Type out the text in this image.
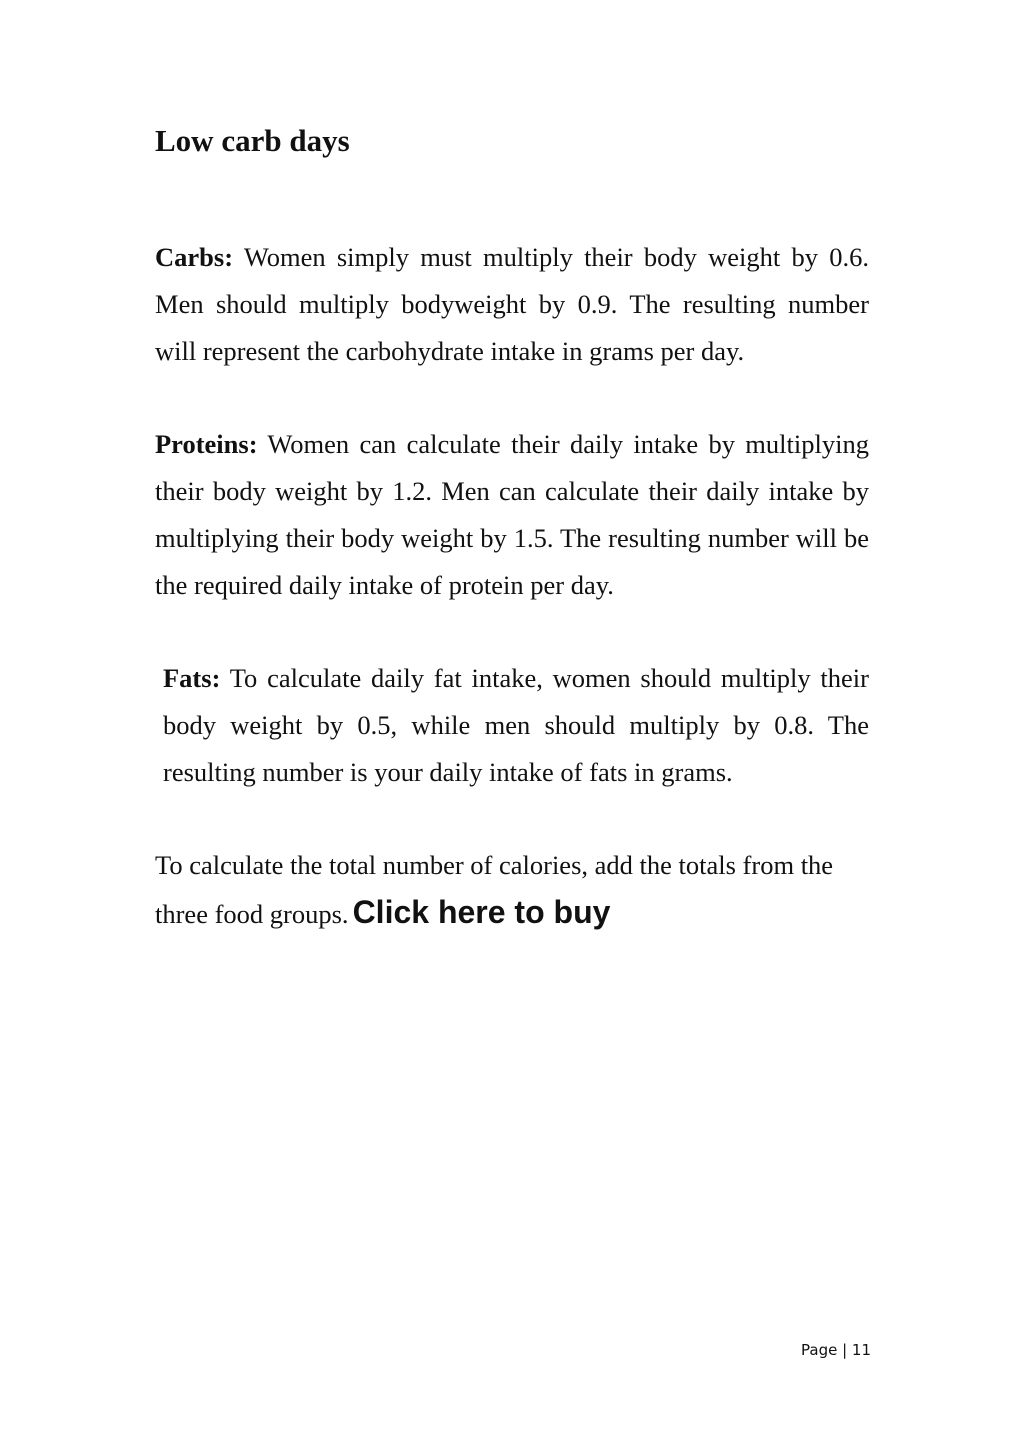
Low carb days

Carbs: Women simply must multiply their body weight by 0.6. Men should multiply bodyweight by 0.9. The resulting number will represent the carbohydrate intake in grams per day.

Proteins: Women can calculate their daily intake by multiplying their body weight by 1.2. Men can calculate their daily intake by multiplying their body weight by 1.5. The resulting number will be the required daily intake of protein per day.

Fats: To calculate daily fat intake, women should multiply their body weight by 0.5, while men should multiply by 0.8. The resulting number is your daily intake of fats in grams.

To calculate the total number of calories, add the totals from the three food groups. Click here to buy

Page | 11
